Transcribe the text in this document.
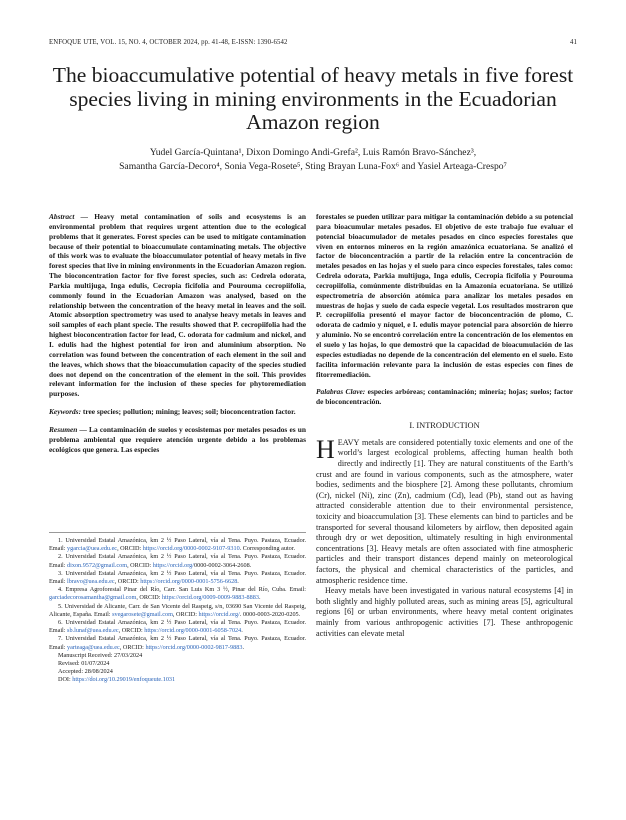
ENFOQUE UTE, VOL. 15, NO. 4, OCTOBER 2024, pp. 41-48, E-ISSN: 1390-6542	41
The bioaccumulative potential of heavy metals in five forest species living in mining environments in the Ecuadorian Amazon region
Yudel García-Quintana¹, Dixon Domingo Andi-Grefa², Luis Ramón Bravo-Sánchez³,
Samantha García-Decoro⁴, Sonia Vega-Rosete⁵, Sting Brayan Luna-Fox⁶ and Yasiel Arteaga-Crespo⁷

Abstract — Heavy metal contamination of soils and ecosystems is an environmental problem that requires urgent attention due to the ecological problems that it generates. Forest species can be used to mitigate contamination because of their potential to bioaccumulate contaminating metals. The objective of this work was to evaluate the bioaccumulator potential of heavy metals in five forest species that live in mining environments in the Ecuadorian Amazon region. The bioconcentration factor for five forest species, such as: Cedrela odorata, Parkia multijuga, Inga edulis, Cecropia ficifolia and Pourouma cecropiifolia, commonly found in the Ecuadorian Amazon was analysed, based on the relationship between the concentration of the heavy metal in leaves and the soil. Atomic absorption spectrometry was used to analyse heavy metals in leaves and soil samples of each plant specie. The results showed that P. cecropiifolia had the highest bioconcentration factor for lead, C. odorata for cadmium and nickel, and I. edulis had the highest potential for iron and aluminium absorption. No correlation was found between the concentration of each element in the soil and the leaves, which shows that the bioaccumulation capacity of the species studied does not depend on the concentration of the element in the soil. This provides relevant information for the inclusion of these species for phytoremediation purposes.

Keywords: tree species; pollution; mining; leaves; soil; bioconcentration factor.

Resumen — La contaminación de suelos y ecosistemas por metales pesados es un problema ambiental que requiere atención urgente debido a los problemas ecológicos que genera. Las especies

1. Universidad Estatal Amazónica, km 2 ½ Paso Lateral, vía al Tena. Puyo. Pastaza, Ecuador. Email: ygarcia@uea.edu.ec, ORCID: https://orcid.org/0000-0002-9107-9310. Corresponding autor.

2. Universidad Estatal Amazónica, km 2 ½ Paso Lateral, vía al Tena. Puyo. Pastaza, Ecuador. Email: dixon.9572@gmail.com, ORCID: https://orcid.org/0000-0002-3064-2608.

3. Universidad Estatal Amazónica, km 2 ½ Paso Lateral, vía al Tena. Puyo. Pastaza, Ecuador. Email: lbravo@uea.edu.ec, ORCID: https://orcid.org/0000-0001-5756-6628.

4. Empresa Agroforestal Pinar del Río, Carr. San Luis Km 3 ½, Pinar del Río, Cuba. Email: garciadecorosamantha@gmail.com, ORCID: https://orcid.org/0009-0009-9883-8883.

5. Universidad de Alicante, Carr. de San Vicente del Raspeig, s/n, 03690 San Vicente del Raspeig, Alicante, España. Email: svegarosete@gmail.com, ORCID: https://orcid.org/. 0000-0003-2020-0205.

6. Universidad Estatal Amazónica, km 2 ½ Paso Lateral, vía al Tena. Puyo. Pastaza, Ecuador. Email: sb.lunaf@uea.edu.ec, ORCID: https://orcid.org/0000-0001-6058-7024.

7. Universidad Estatal Amazónica, km 2 ½ Paso Lateral, vía al Tena. Puyo. Pastaza, Ecuador. Email: yarteaga@uea.edu.ec, ORCID: https://orcid.org/0000-0002-9817-9883.

Manuscript Received: 27/03/2024
Revised: 01/07/2024
Accepted: 28/08/2024
DOI: https://doi.org/10.29019/enfoqueute.1031

forestales se pueden utilizar para mitigar la contaminación debido a su potencial para bioacumular metales pesados. El objetivo de este trabajo fue evaluar el potencial bioacumulador de metales pesados en cinco especies forestales que viven en entornos mineros en la región amazónica ecuatoriana. Se analizó el factor de bioconcentración a partir de la relación entre la concentración de metales pesados en las hojas y el suelo para cinco especies forestales, tales como: Cedrela odorata, Parkia multijuga, Inga edulis, Cecropia ficifolia y Pourouma cecropiifolia, comúnmente distribuidas en la Amazonía ecuatoriana. Se utilizó espectrometría de absorción atómica para analizar los metales pesados en muestras de hojas y suelo de cada especie vegetal. Los resultados mostraron que P. cecropiifolia presentó el mayor factor de bioconcentración de plomo, C. odorata de cadmio y níquel, e I. edulis mayor potencial para absorción de hierro y aluminio. No se encontró correlación entre la concentración de los elementos en el suelo y las hojas, lo que demostró que la capacidad de bioacumulación de las especies estudiadas no depende de la concentración del elemento en el suelo. Esto facilita información relevante para la inclusión de estas especies con fines de fitorremediación.

Palabras Clave: especies arbóreas; contaminación; minería; hojas; suelos; factor de bioconcentración.

I. INTRODUCTION

HEAVY metals are considered potentially toxic elements and one of the world’s largest ecological problems, affecting human health both directly and indirectly [1]. They are natural constituents of the Earth’s crust and are found in various components, such as the atmosphere, water bodies, sediments and the biosphere [2]. Among these pollutants, chromium (Cr), nickel (Ni), zinc (Zn), cadmium (Cd), lead (Pb), stand out as having attracted considerable attention due to their environmental persistence, toxicity and bioaccumulation [3]. These elements can bind to particles and be transported for several thousand kilometers by airflow, then deposited again through dry or wet deposition, ultimately resulting in high environmental concentrations [3]. Heavy metals are often associated with fine atmospheric particles and their transport distances depend mainly on meteorological factors, the physical and chemical characteristics of the particles, and atmospheric residence time.

Heavy metals have been investigated in various natural ecosystems [4] in both slightly and highly polluted areas, such as mining areas [5], agricultural regions [6] or urban environments, where heavy metal content originates mainly from various anthropogenic activities [7]. These anthropogenic activities can elevate metal
